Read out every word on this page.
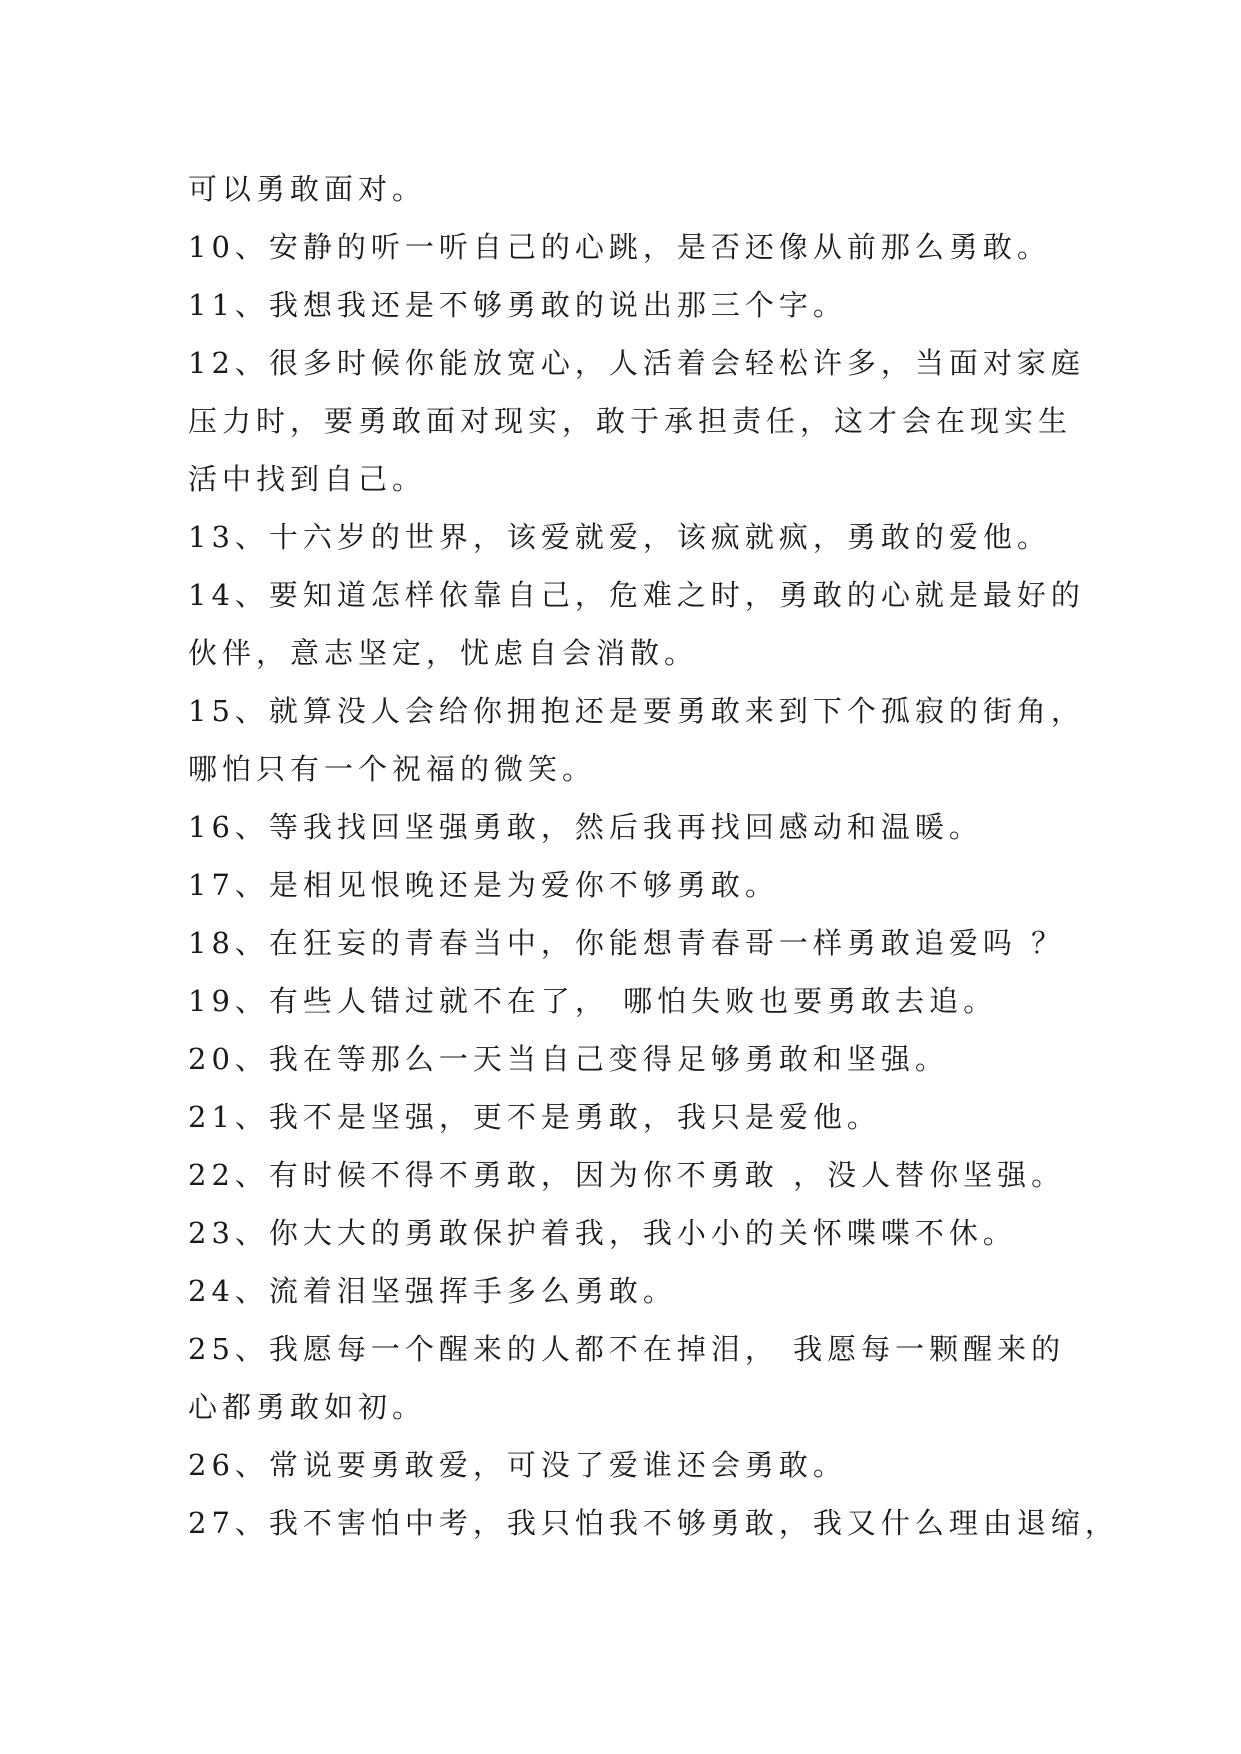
可以勇敢面对。
10、安静的听一听自己的心跳，是否还像从前那么勇敢。
11、我想我还是不够勇敢的说出那三个字。
12、很多时候你能放宽心，人活着会轻松许多，当面对家庭
压力时，要勇敢面对现实，敢于承担责任，这才会在现实生
活中找到自己。
13、十六岁的世界，该爱就爱，该疯就疯，勇敢的爱他。
14、要知道怎样依靠自己，危难之时，勇敢的心就是最好的
伙伴，意志坚定，忧虑自会消散。
15、就算没人会给你拥抱还是要勇敢来到下个孤寂的街角，
哪怕只有一个祝福的微笑。
16、等我找回坚强勇敢，然后我再找回感动和温暖。
17、是相见恨晚还是为爱你不够勇敢。
18、在狂妄的青春当中，你能想青春哥一样勇敢追爱吗 ？
19、有些人错过就不在了， 哪怕失败也要勇敢去追。
20、我在等那么一天当自己变得足够勇敢和坚强。
21、我不是坚强，更不是勇敢，我只是爱他。
22、有时候不得不勇敢，因为你不勇敢 ，没人替你坚强。
23、你大大的勇敢保护着我，我小小的关怀喋喋不休。
24、流着泪坚强挥手多么勇敢。
25、我愿每一个醒来的人都不在掉泪， 我愿每一颗醒来的
心都勇敢如初。
26、常说要勇敢爱，可没了爱谁还会勇敢。
27、我不害怕中考，我只怕我不够勇敢，我又什么理由退缩，
